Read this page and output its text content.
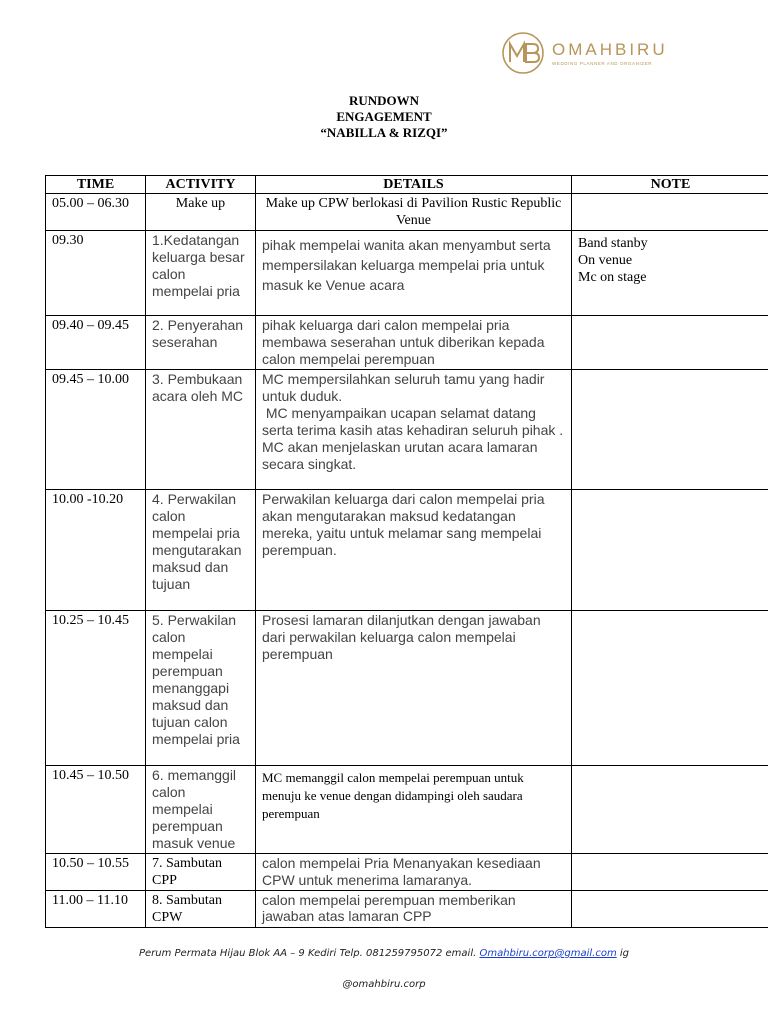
OMAHBIRU
WEDDING PLANNER AND ORGANIZER
RUNDOWN
ENGAGEMENT
“NABILLA & RIZQI”
TIME	ACTIVITY	DETAILS	NOTE
05.00 – 06.30	Make up	Make up CPW berlokasi di Pavilion Rustic Republic Venue	
09.30	1.Kedatangan keluarga besar calon mempelai pria	pihak mempelai wanita akan menyambut serta mempersilakan keluarga mempelai pria untuk masuk ke Venue acara	Band stanby
On venue
Mc on stage

09.40 – 09.45	2. Penyerahan seserahan	pihak keluarga dari calon mempelai pria membawa seserahan untuk diberikan kepada calon mempelai perempuan	
09.45 – 10.00	3. Pembukaan acara oleh MC	MC mempersilahkan seluruh tamu yang hadir untuk duduk.
MC menyampaikan ucapan selamat datang serta terima kasih atas kehadiran seluruh pihak .
MC akan menjelaskan urutan acara lamaran secara singkat.	

10.00 -10.20	4. Perwakilan calon mempelai pria mengutarakan maksud dan tujuan	Perwakilan keluarga dari calon mempelai pria akan mengutarakan maksud kedatangan mereka, yaitu untuk melamar sang mempelai perempuan.	
10.25 – 10.45	5. Perwakilan calon mempelai perempuan menanggapi maksud dan tujuan calon mempelai pria	Prosesi lamaran dilanjutkan dengan jawaban dari perwakilan keluarga calon mempelai perempuan	
10.45 – 10.50	6. memanggil calon mempelai perempuan masuk venue	MC memanggil calon mempelai perempuan untuk menuju ke venue dengan didampingi oleh saudara perempuan	
10.50 – 10.55	7. Sambutan CPP	calon mempelai Pria Menanyakan kesediaan CPW untuk menerima lamaranya.	
11.00 – 11.10	8. Sambutan CPW	calon mempelai perempuan memberikan jawaban atas lamaran CPP	
Perum Permata Hijau Blok AA – 9 Kediri Telp. 081259795072 email. Omahbiru.corp@gmail.com ig
@omahbiru.corp
